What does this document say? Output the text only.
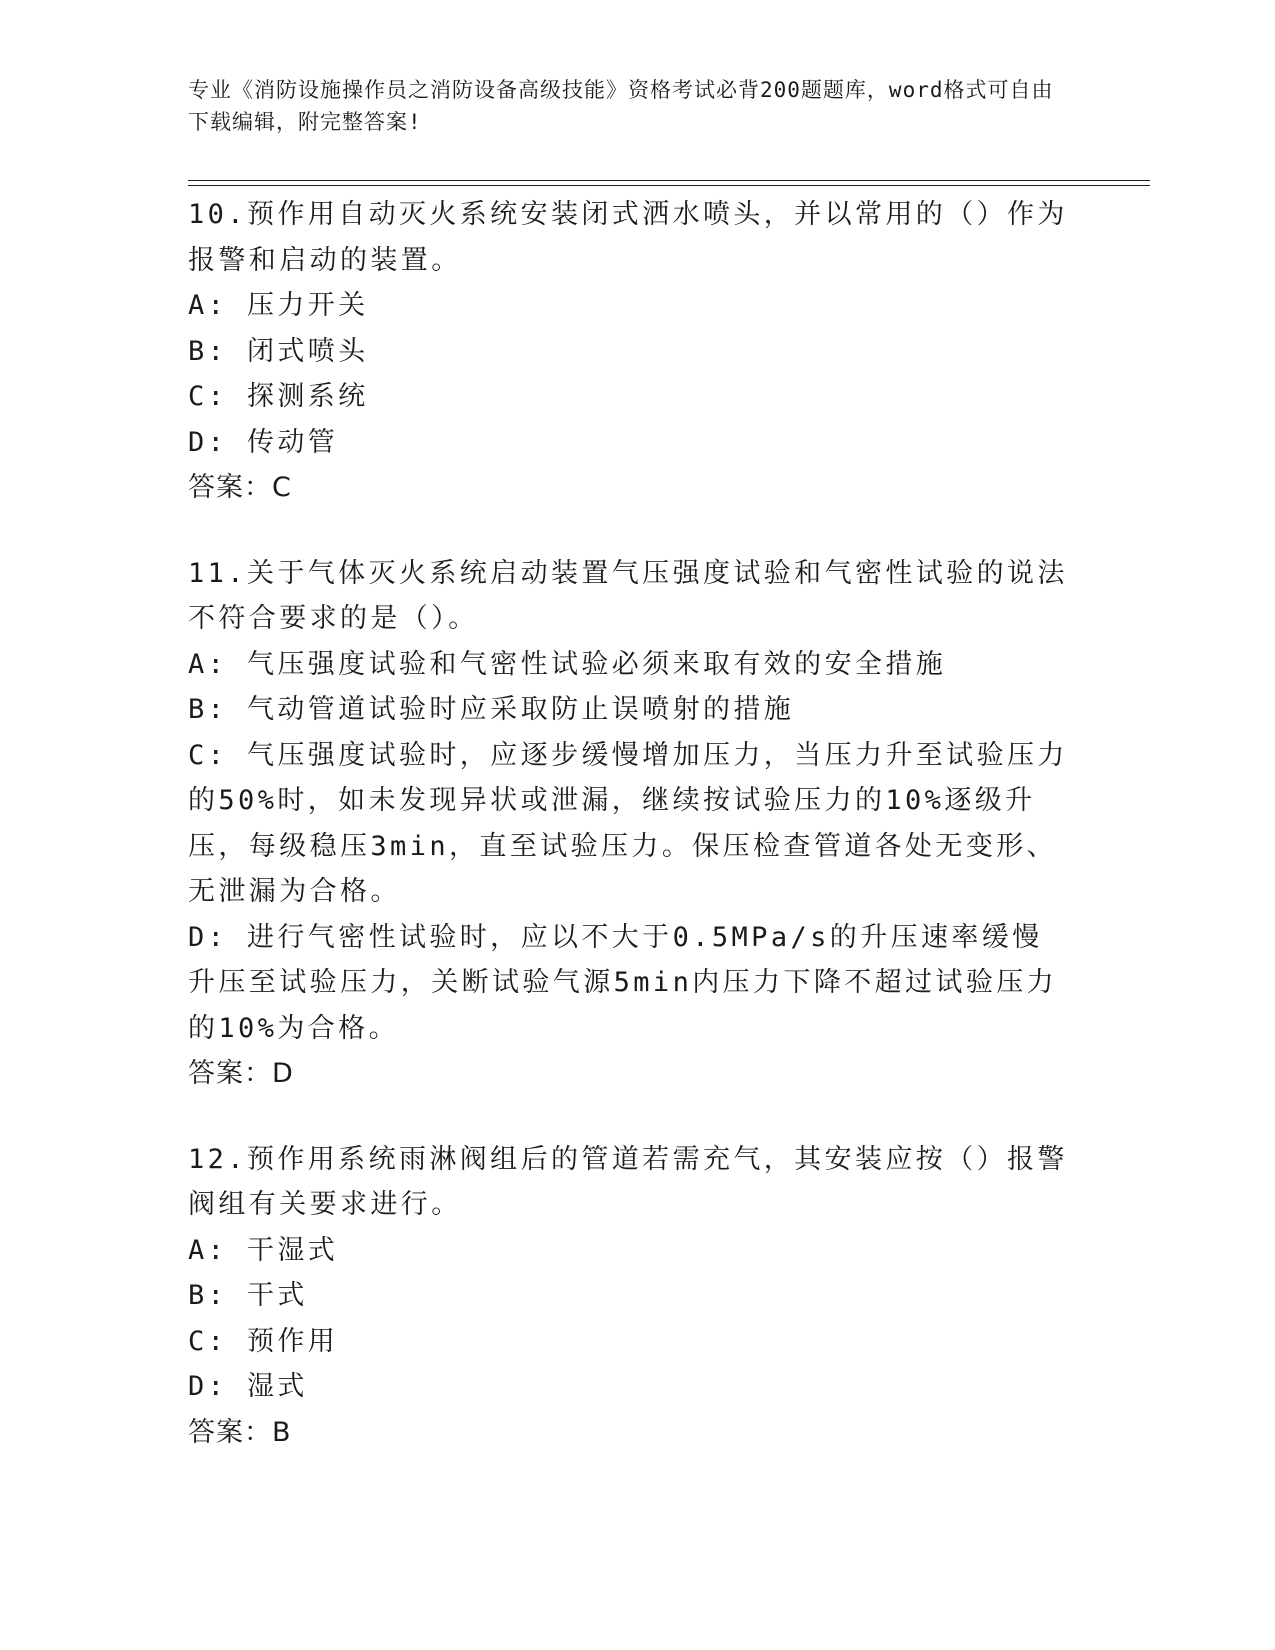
专业《消防设施操作员之消防设备高级技能》资格考试必背200题题库，word格式可自由下载编辑，附完整答案!
10.预作用自动灭火系统安装闭式洒水喷头，并以常用的（）作为报警和启动的装置。
A: 压力开关
B: 闭式喷头
C: 探测系统
D: 传动管
答案：C
11.关于气体灭火系统启动装置气压强度试验和气密性试验的说法不符合要求的是（）。
A: 气压强度试验和气密性试验必须来取有效的安全措施
B: 气动管道试验时应采取防止误喷射的措施
C: 气压强度试验时，应逐步缓慢增加压力，当压力升至试验压力的50%时，如未发现异状或泄漏，继续按试验压力的10%逐级升压，每级稳压3min，直至试验压力。保压检查管道各处无变形、无泄漏为合格。
D: 进行气密性试验时，应以不大于0.5MPa/s的升压速率缓慢升压至试验压力，关断试验气源5min内压力下降不超过试验压力的10%为合格。
答案：D
12.预作用系统雨淋阀组后的管道若需充气，其安装应按（）报警阀组有关要求进行。
A: 干湿式
B: 干式
C: 预作用
D: 湿式
答案：B
